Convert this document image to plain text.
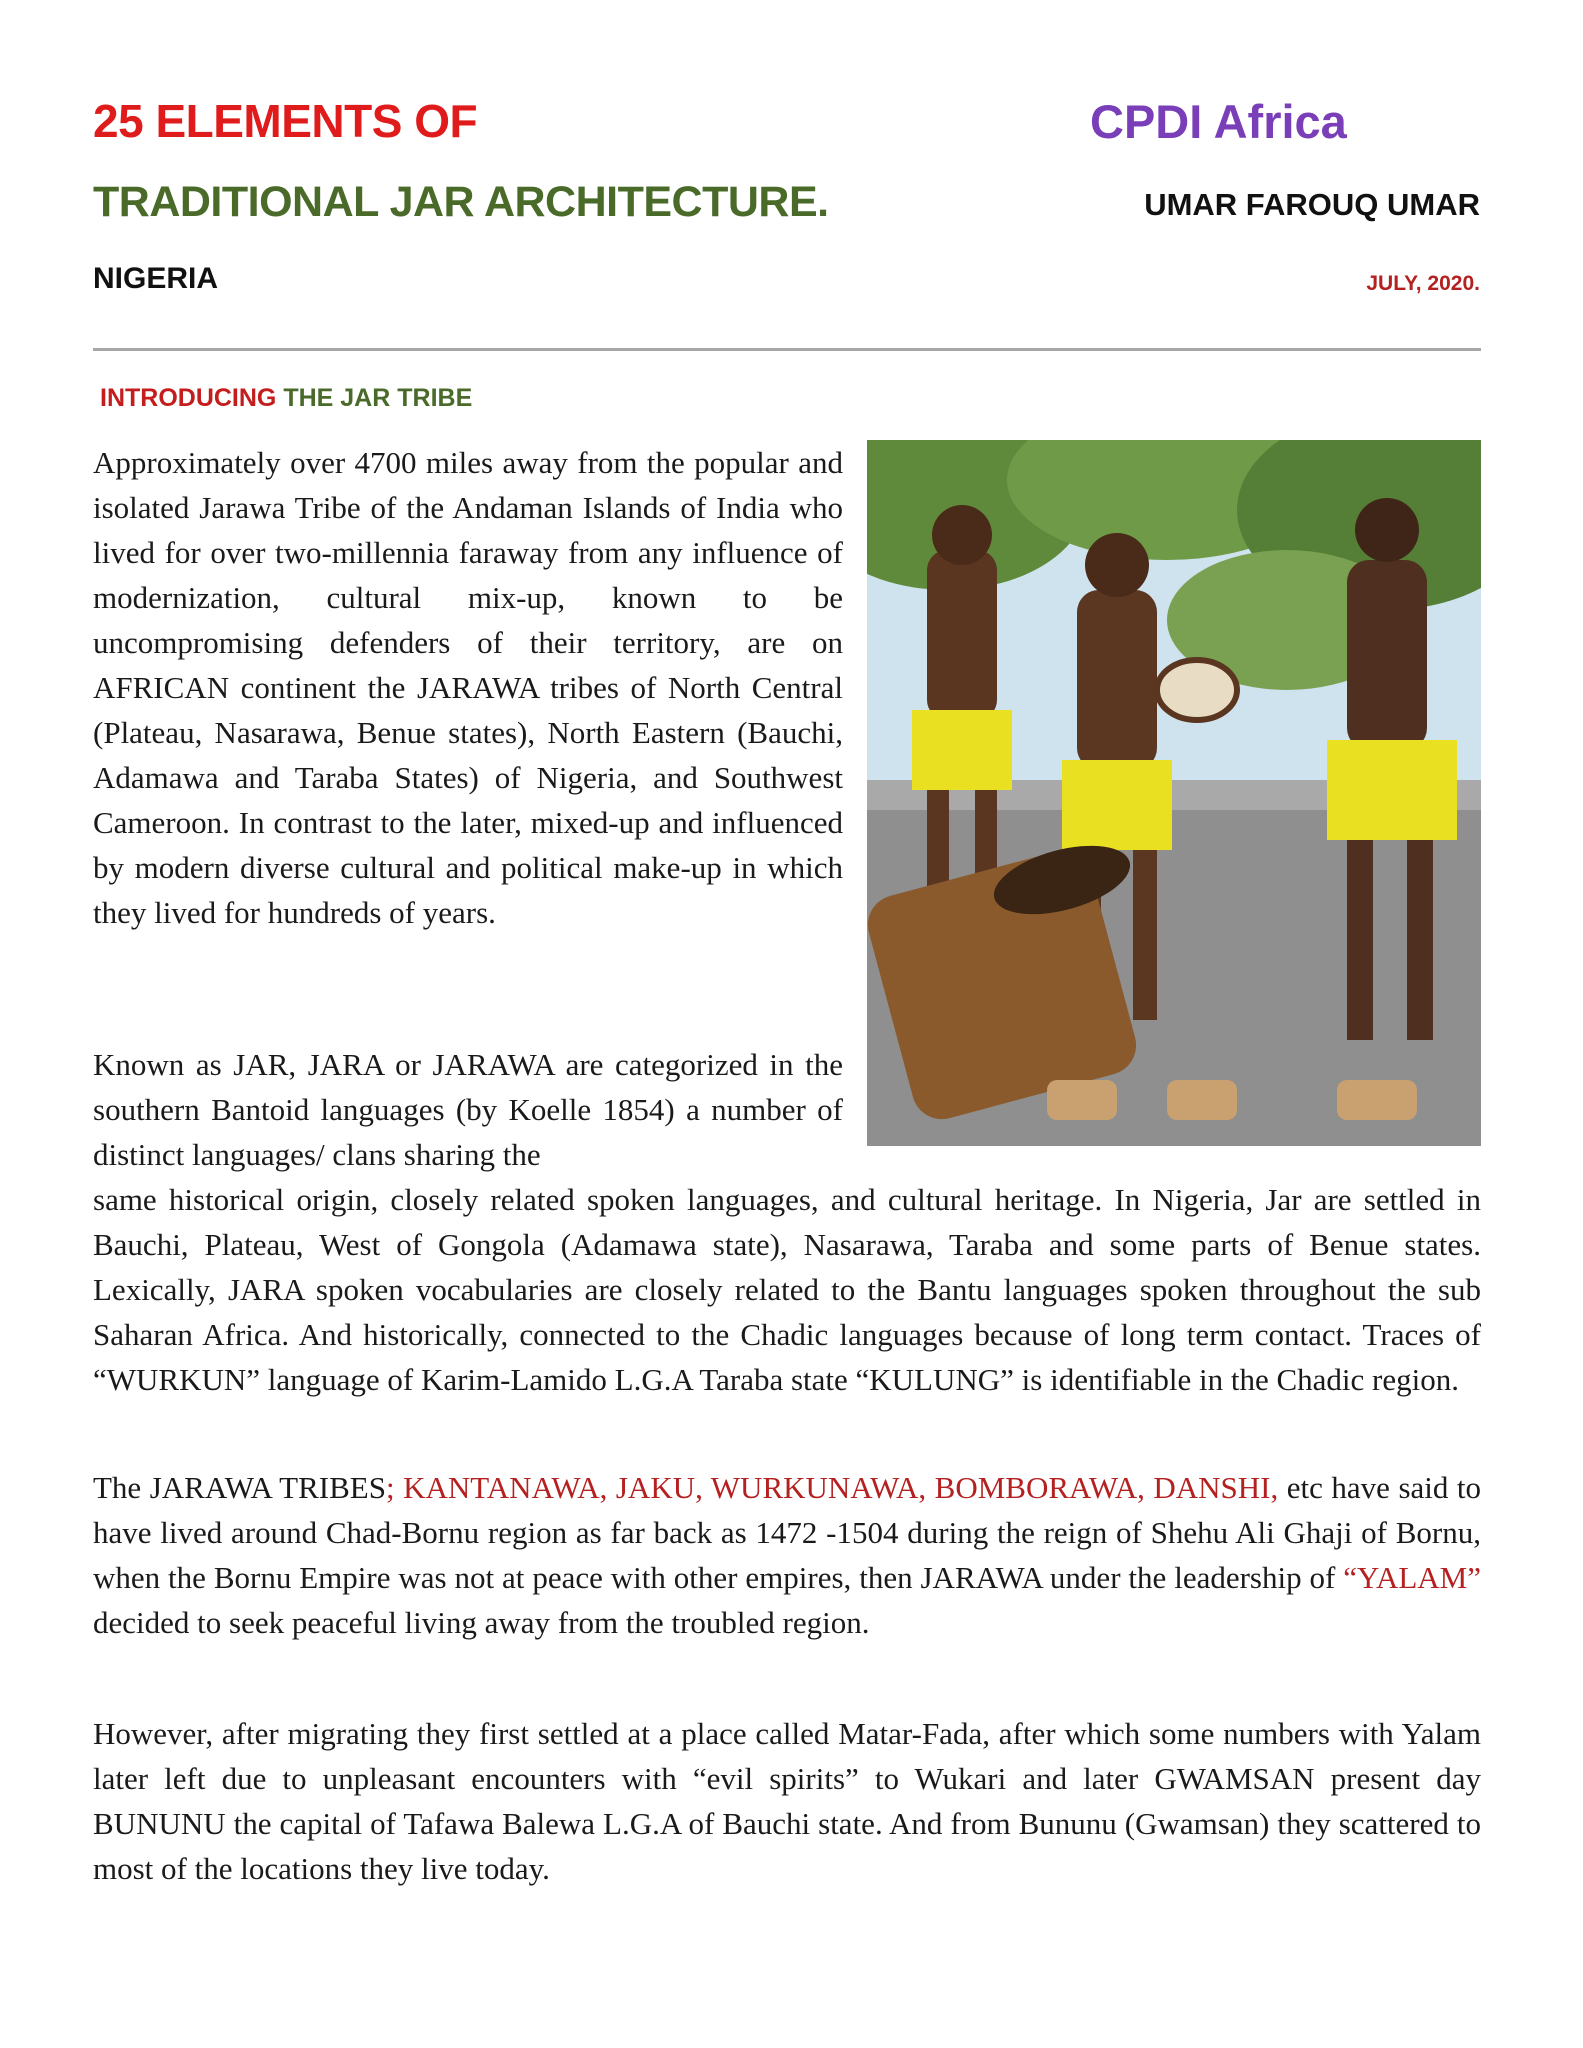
25 ELEMENTS OF
TRADITIONAL JAR ARCHITECTURE.
NIGERIA
CPDI Africa
UMAR FAROUQ UMAR
JULY, 2020.
INTRODUCING THE JAR TRIBE

Approximately over 4700 miles away from the popular and isolated Jarawa Tribe of the Andaman Islands of India who lived for over two-millennia faraway from any influence of modernization, cultural mix-up, known to be uncompromising defenders of their territory, are on AFRICAN continent the JARAWA tribes of North Central (Plateau, Nasarawa, Benue states), North Eastern (Bauchi, Adamawa and Taraba States) of Nigeria, and Southwest Cameroon. In contrast to the later, mixed-up and influenced by modern diverse cultural and political make-up in which they lived for hundreds of years.

Known as JAR, JARA or JARAWA are categorized in the southern Bantoid languages (by Koelle 1854) a number of distinct languages/ clans sharing the

same historical origin, closely related spoken languages, and cultural heritage. In Nigeria, Jar are settled in Bauchi, Plateau, West of Gongola (Adamawa state), Nasarawa, Taraba and some parts of Benue states. Lexically, JARA spoken vocabularies are closely related to the Bantu languages spoken throughout the sub Saharan Africa. And historically, connected to the Chadic languages because of long term contact. Traces of “WURKUN” language of Karim-Lamido L.G.A Taraba state “KULUNG” is identifiable in the Chadic region.

The JARAWA TRIBES; KANTANAWA, JAKU, WURKUNAWA, BOMBORAWA, DANSHI, etc have said to have lived around Chad-Bornu region as far back as 1472 -1504 during the reign of Shehu Ali Ghaji of Bornu, when the Bornu Empire was not at peace with other empires, then JARAWA under the leadership of “YALAM” decided to seek peaceful living away from the troubled region.

However, after migrating they first settled at a place called Matar-Fada, after which some numbers with Yalam later left due to unpleasant encounters with “evil spirits” to Wukari and later GWAMSAN present day BUNUNU the capital of Tafawa Balewa L.G.A of Bauchi state. And from Bununu (Gwamsan) they scattered to most of the locations they live today.
